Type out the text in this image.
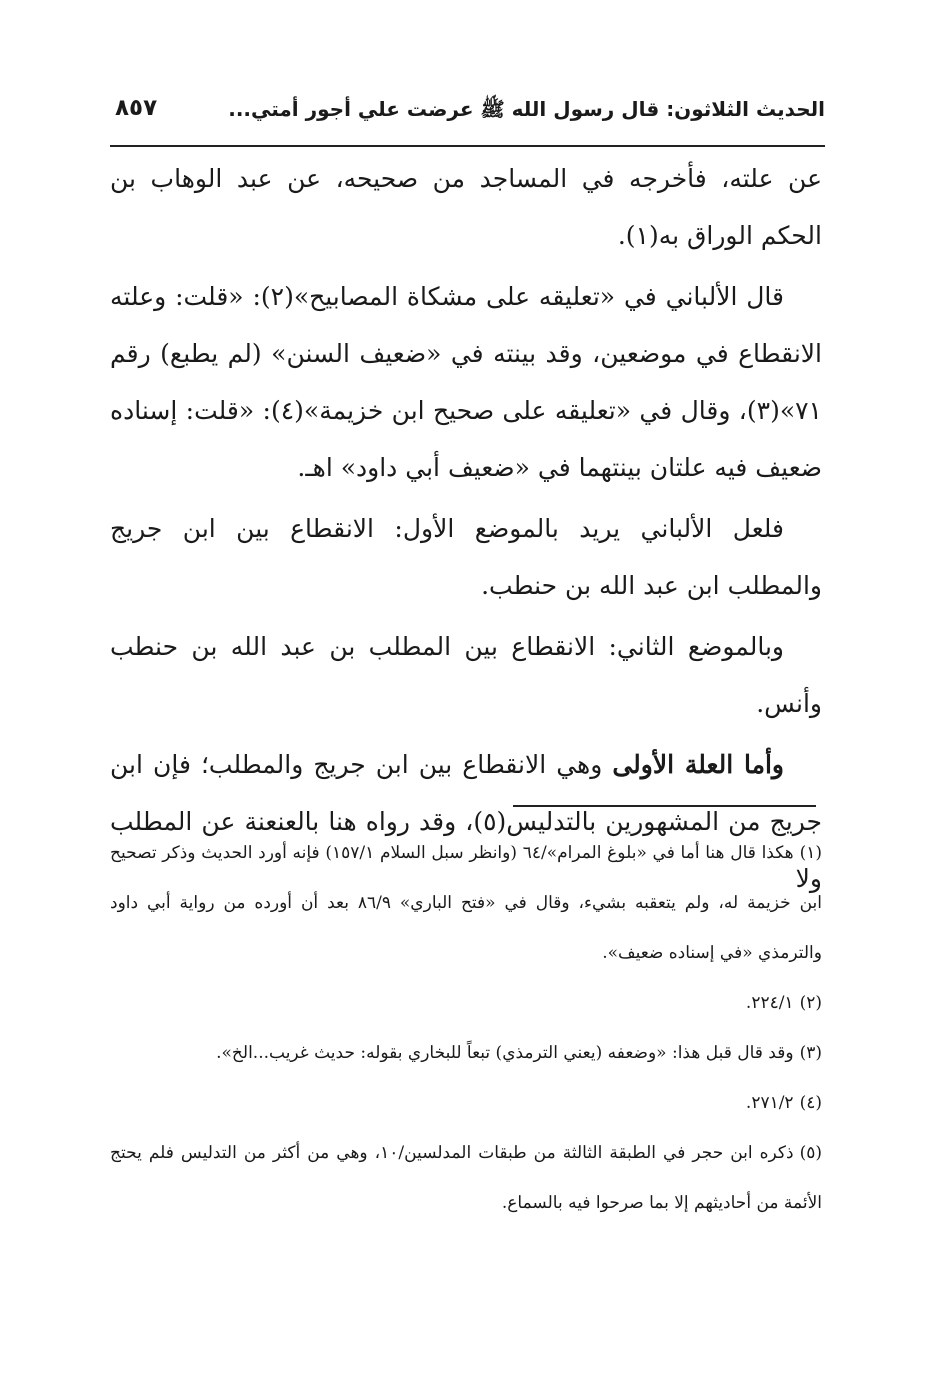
الحديث الثلاثون: قال رسول الله ﷺ عرضت علي أجور أمتي...
٨٥٧

عن علته، فأخرجه في المساجد من صحيحه، عن عبد الوهاب بن الحكم الوراق به(١).

قال الألباني في «تعليقه على مشكاة المصابيح»(٢): «قلت: وعلته الانقطاع في موضعين، وقد بينته في «ضعيف السنن» (لم يطبع) رقم ٧١»(٣)، وقال في «تعليقه على صحيح ابن خزيمة»(٤): «قلت: إسناده ضعيف فيه علتان بينتهما في «ضعيف أبي داود» اهـ.

فلعل الألباني يريد بالموضع الأول: الانقطاع بين ابن جريج والمطلب ابن عبد الله بن حنطب.

وبالموضع الثاني: الانقطاع بين المطلب بن عبد الله بن حنطب وأنس.

وأما العلة الأولى وهي الانقطاع بين ابن جريج والمطلب؛ فإن ابن جريج من المشهورين بالتدليس(٥)، وقد رواه هنا بالعنعنة عن المطلب ولا

(١)هكذا قال هنا أما في «بلوغ المرام»/٦٤ (وانظر سبل السلام ١٥٧/١) فإنه أورد الحديث وذكر تصحيح ابن خزيمة له، ولم يتعقبه بشيء، وقال في «فتح الباري» ٨٦/٩ بعد أن أورده من رواية أبي داود والترمذي «في إسناده ضعيف».

(٢)٢٢٤/١.

(٣)وقد قال قبل هذا: «وضعفه (يعني الترمذي) تبعاً للبخاري بقوله: حديث غريب...الخ».

(٤)٢٧١/٢.

(٥)ذكره ابن حجر في الطبقة الثالثة من طبقات المدلسين/١٠، وهي من أكثر من التدليس فلم يحتج الأئمة من أحاديثهم إلا بما صرحوا فيه بالسماع.
